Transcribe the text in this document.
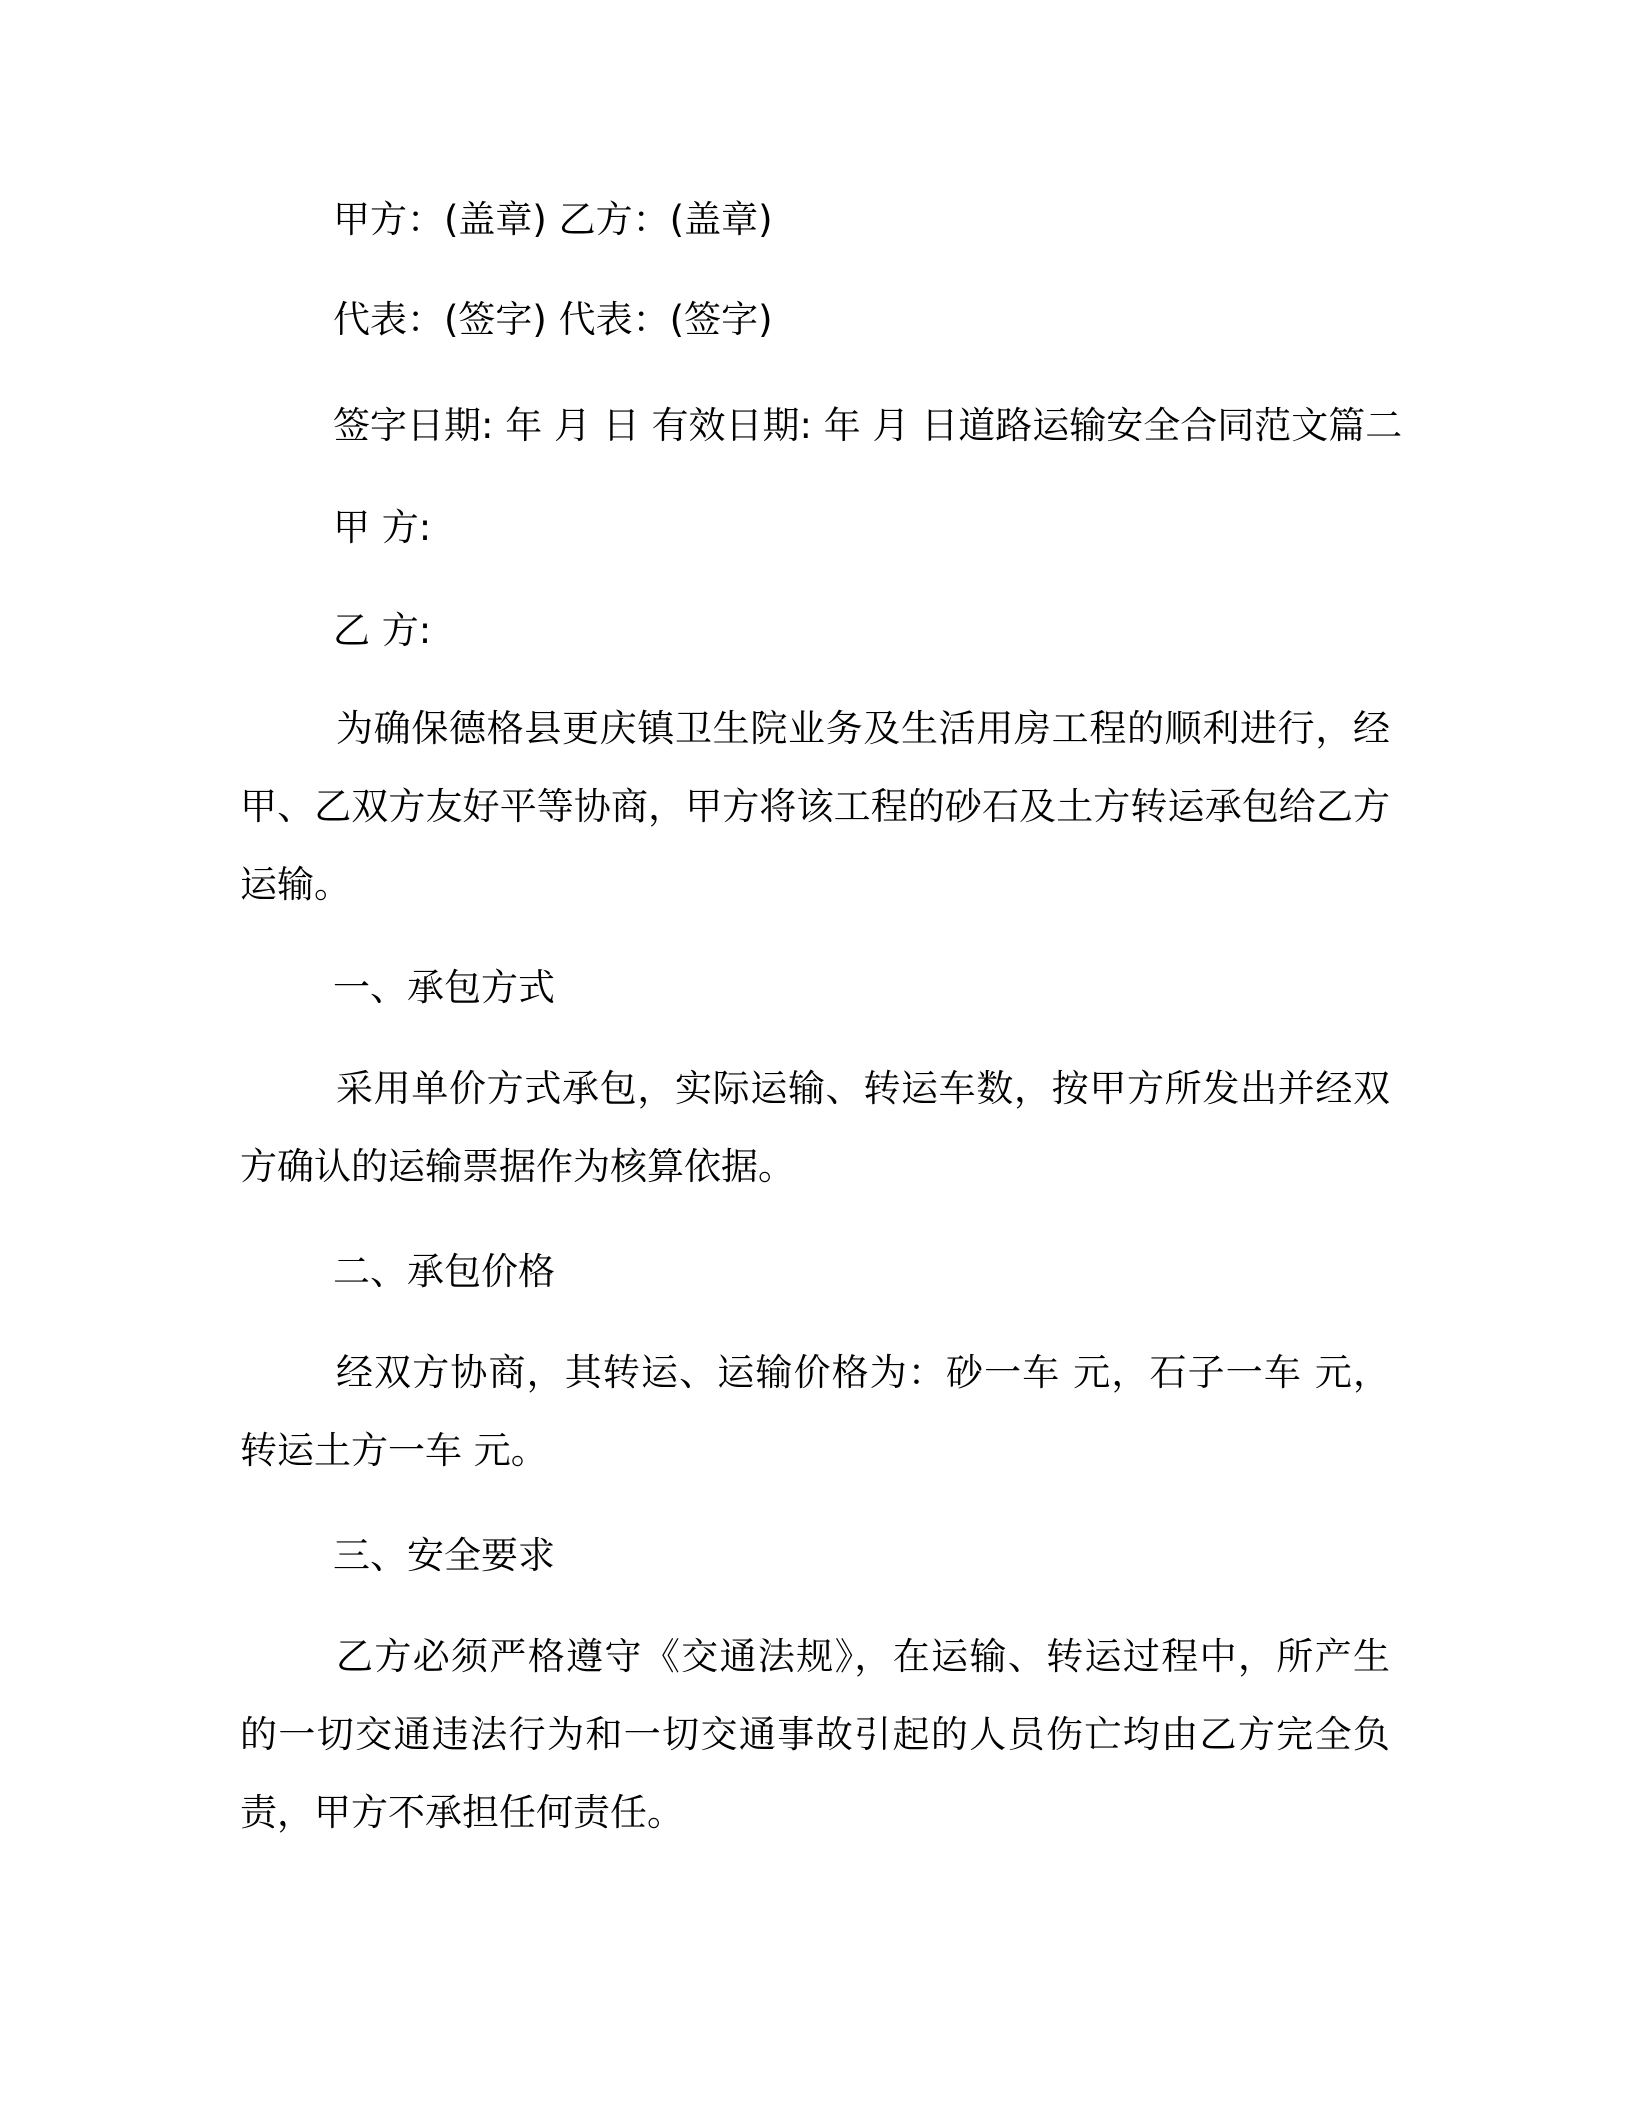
甲方：(盖章) 乙方：(盖章)
代表：(签字) 代表：(签字)
签字日期: 年 月 日 有效日期: 年 月 日道路运输安全合同范文篇二
甲 方:
乙 方:

为确保德格县更庆镇卫生院业务及生活用房工程的顺利进行，经甲、乙双方友好平等协商，甲方将该工程的砂石及土方转运承包给乙方运输。

一、承包方式

采用单价方式承包，实际运输、转运车数，按甲方所发出并经双方确认的运输票据作为核算依据。

二、承包价格

经双方协商，其转运、运输价格为：砂一车 元，石子一车 元，转运土方一车 元。

三、安全要求

乙方必须严格遵守《交通法规》，在运输、转运过程中，所产生的一切交通违法行为和一切交通事故引起的人员伤亡均由乙方完全负责，甲方不承担任何责任。
